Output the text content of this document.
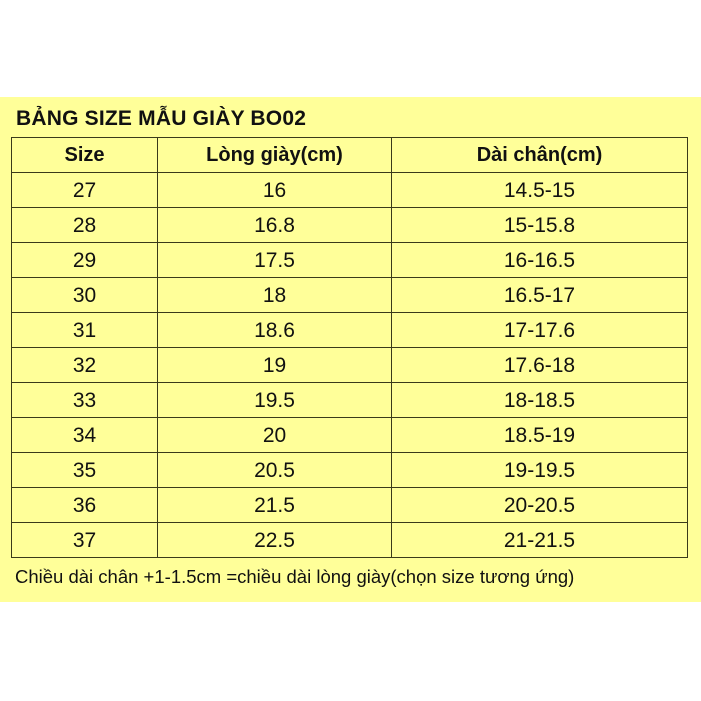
BẢNG SIZE MẪU GIÀY BO02
Size	Lòng giày(cm)	Dài chân(cm)
27	16	14.5-15
28	16.8	15-15.8
29	17.5	16-16.5
30	18	16.5-17
31	18.6	17-17.6
32	19	17.6-18
33	19.5	18-18.5
34	20	18.5-19
35	20.5	19-19.5
36	21.5	20-20.5
37	22.5	21-21.5
Chiều dài chân +1-1.5cm =chiều dài lòng giày(chọn size tương ứng)
